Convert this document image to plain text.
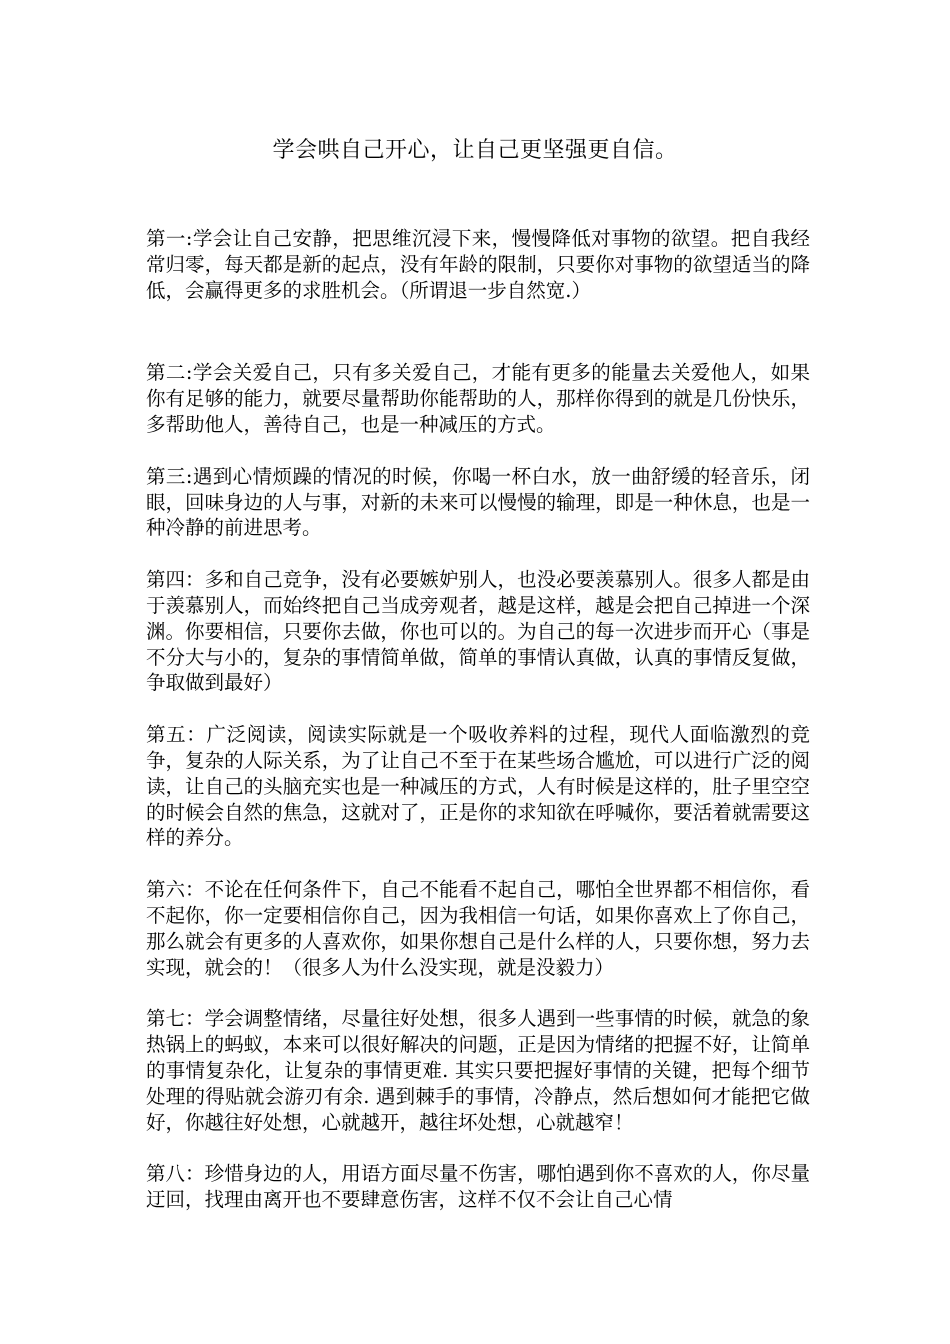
学会哄自己开心，让自己更坚强更自信。

第一:学会让自己安静，把思维沉浸下来，慢慢降低对事物的欲望。把自我经常归零，每天都是新的起点，没有年龄的限制，只要你对事物的欲望适当的降低，会赢得更多的求胜机会。（所谓退一步自然宽.）

第二:学会关爱自己，只有多关爱自己，才能有更多的能量去关爱他人，如果你有足够的能力，就要尽量帮助你能帮助的人，那样你得到的就是几份快乐，多帮助他人，善待自己，也是一种减压的方式。

第三:遇到心情烦躁的情况的时候，你喝一杯白水，放一曲舒缓的轻音乐，闭眼，回味身边的人与事，对新的未来可以慢慢的输理，即是一种休息，也是一种冷静的前进思考。

第四：多和自己竞争，没有必要嫉妒别人，也没必要羡慕别人。很多人都是由于羡慕别人，而始终把自己当成旁观者，越是这样，越是会把自己掉进一个深渊。你要相信，只要你去做，你也可以的。为自己的每一次进步而开心（事是不分大与小的，复杂的事情简单做，简单的事情认真做，认真的事情反复做，争取做到最好）

第五：广泛阅读，阅读实际就是一个吸收养料的过程，现代人面临激烈的竞争，复杂的人际关系，为了让自己不至于在某些场合尴尬，可以进行广泛的阅读，让自己的头脑充实也是一种减压的方式，人有时候是这样的，肚子里空空的时候会自然的焦急，这就对了，正是你的求知欲在呼喊你，要活着就需要这样的养分。

第六：不论在任何条件下，自己不能看不起自己，哪怕全世界都不相信你，看不起你，你一定要相信你自己，因为我相信一句话，如果你喜欢上了你自己，那么就会有更多的人喜欢你，如果你想自己是什么样的人，只要你想，努力去实现，就会的！（很多人为什么没实现，就是没毅力）

第七：学会调整情绪，尽量往好处想，很多人遇到一些事情的时候，就急的象热锅上的蚂蚁，本来可以很好解决的问题，正是因为情绪的把握不好，让简单的事情复杂化，让复杂的事情更难. 其实只要把握好事情的关键，把每个细节处理的得贴就会游刃有余. 遇到棘手的事情，冷静点，然后想如何才能把它做好，你越往好处想，心就越开，越往坏处想，心就越窄！

第八：珍惜身边的人，用语方面尽量不伤害，哪怕遇到你不喜欢的人，你尽量迂回，找理由离开也不要肆意伤害，这样不仅不会让自己心情
